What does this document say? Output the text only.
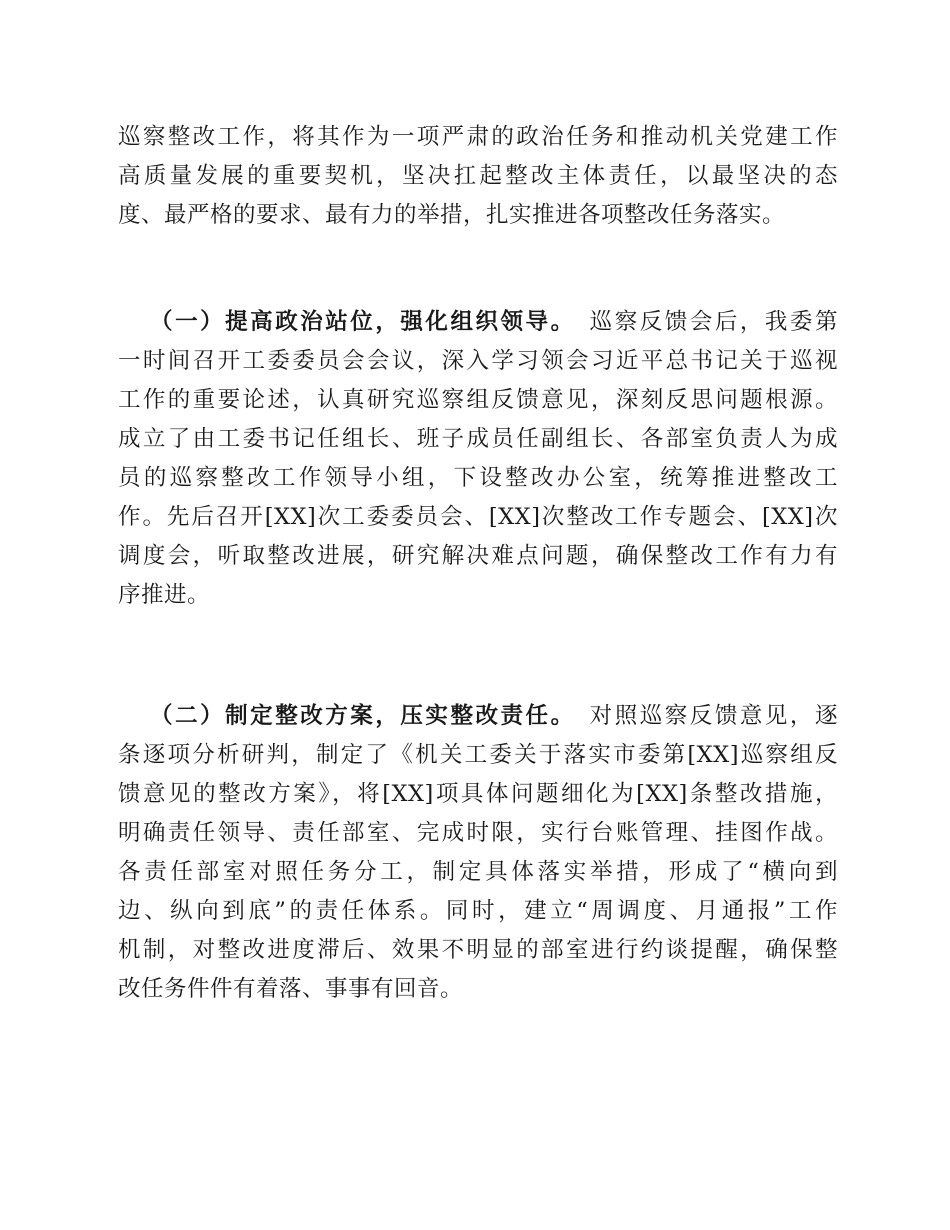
巡察整改工作，将其作为一项严肃的政治任务和推动机关党建工作
高质量发展的重要契机，坚决扛起整改主体责任，以最坚决的态
度、最严格的要求、最有力的举措，扎实推进各项整改任务落实。
（一）提高政治站位，强化组织领导。 巡察反馈会后，我委第
一时间召开工委委员会会议，深入学习领会习近平总书记关于巡视
工作的重要论述，认真研究巡察组反馈意见，深刻反思问题根源。
成立了由工委书记任组长、班子成员任副组长、各部室负责人为成
员的巡察整改工作领导小组，下设整改办公室，统筹推进整改工
作。先后召开[XX]次工委委员会、[XX]次整改工作专题会、[XX]次
调度会，听取整改进展，研究解决难点问题，确保整改工作有力有
序推进。
（二）制定整改方案，压实整改责任。 对照巡察反馈意见，逐
条逐项分析研判，制定了《机关工委关于落实市委第[XX]巡察组反
馈意见的整改方案》，将[XX]项具体问题细化为[XX]条整改措施，
明确责任领导、责任部室、完成时限，实行台账管理、挂图作战。
各责任部室对照任务分工，制定具体落实举措，形成了“横向到
边、纵向到底”的责任体系。同时，建立“周调度、月通报”工作
机制，对整改进度滞后、效果不明显的部室进行约谈提醒，确保整
改任务件件有着落、事事有回音。
